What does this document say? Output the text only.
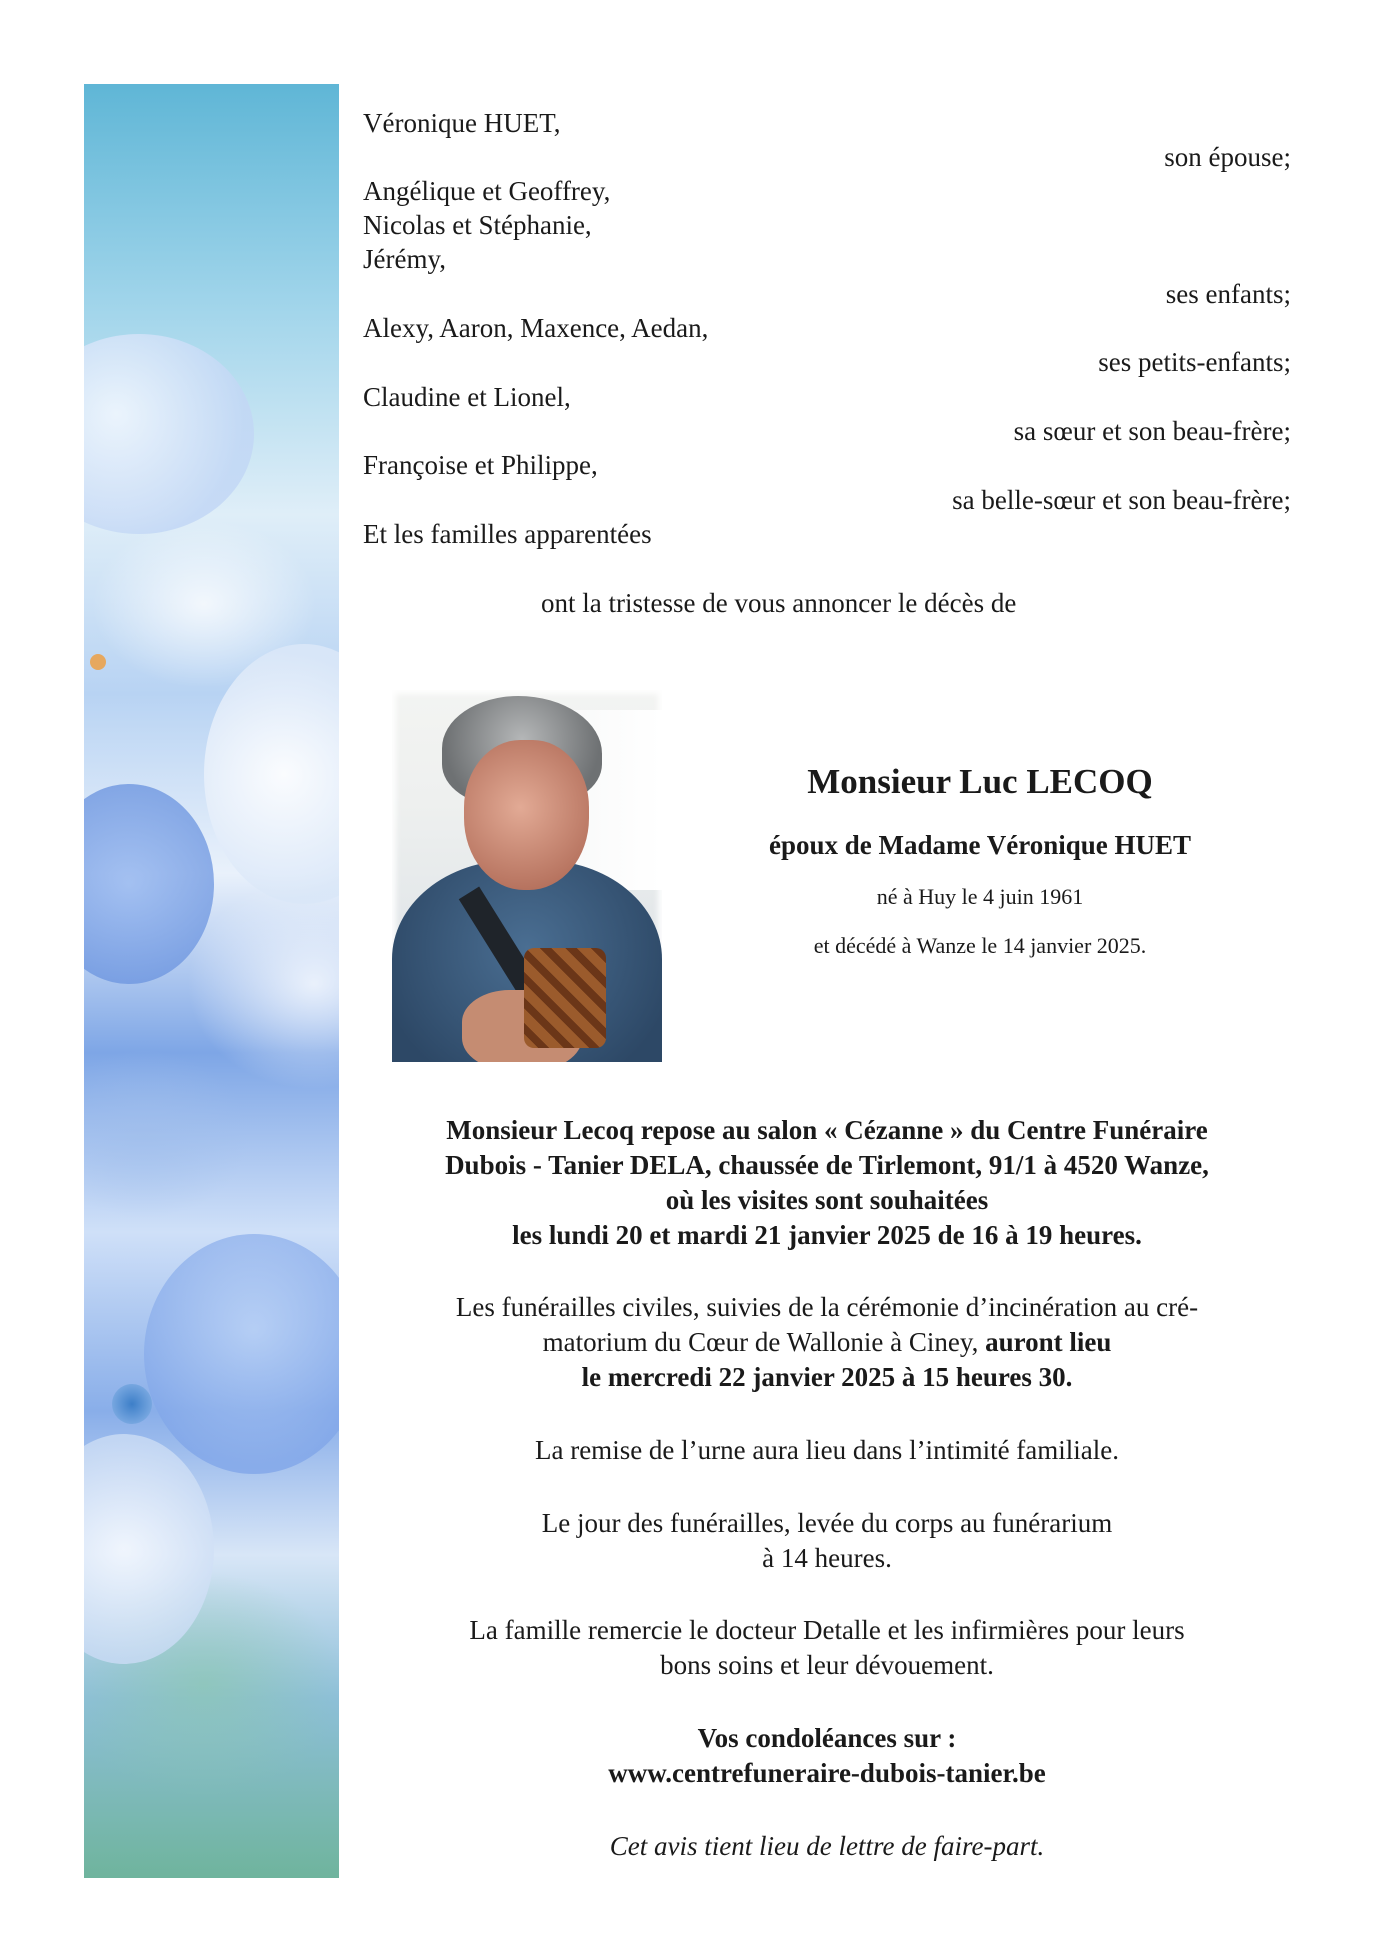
Véronique HUET,

son épouse;

Angélique et Geoffrey,

Nicolas et Stéphanie,

Jérémy,

ses enfants;

Alexy, Aaron, Maxence, Aedan,

ses petits-enfants;

Claudine et Lionel,

sa sœur et son beau-frère;

Françoise et Philippe,

sa belle-sœur et son beau-frère;

Et les familles apparentées

ont la tristesse de vous annoncer le décès de

Monsieur Luc LECOQ

époux de Madame Véronique HUET

né à Huy le 4 juin 1961

et décédé à Wanze le 14 janvier 2025.

Monsieur Lecoq repose au salon « Cézanne » du Centre Funéraire

Dubois - Tanier DELA, chaussée de Tirlemont, 91/1 à 4520 Wanze,

où les visites sont souhaitées

les lundi 20 et mardi 21 janvier 2025 de 16 à 19 heures.

Les funérailles civiles, suivies de la cérémonie d’incinération au cré-

matorium du Cœur de Wallonie à Ciney, auront lieu

le mercredi 22 janvier 2025 à 15 heures 30.

La remise de l’urne aura lieu dans l’intimité familiale.

Le jour des funérailles, levée du corps au funérarium

à 14 heures.

La famille remercie le docteur Detalle et les infirmières pour leurs

bons soins et leur dévouement.

Vos condoléances sur :

www.centrefuneraire-dubois-tanier.be

Cet avis tient lieu de lettre de faire-part.
